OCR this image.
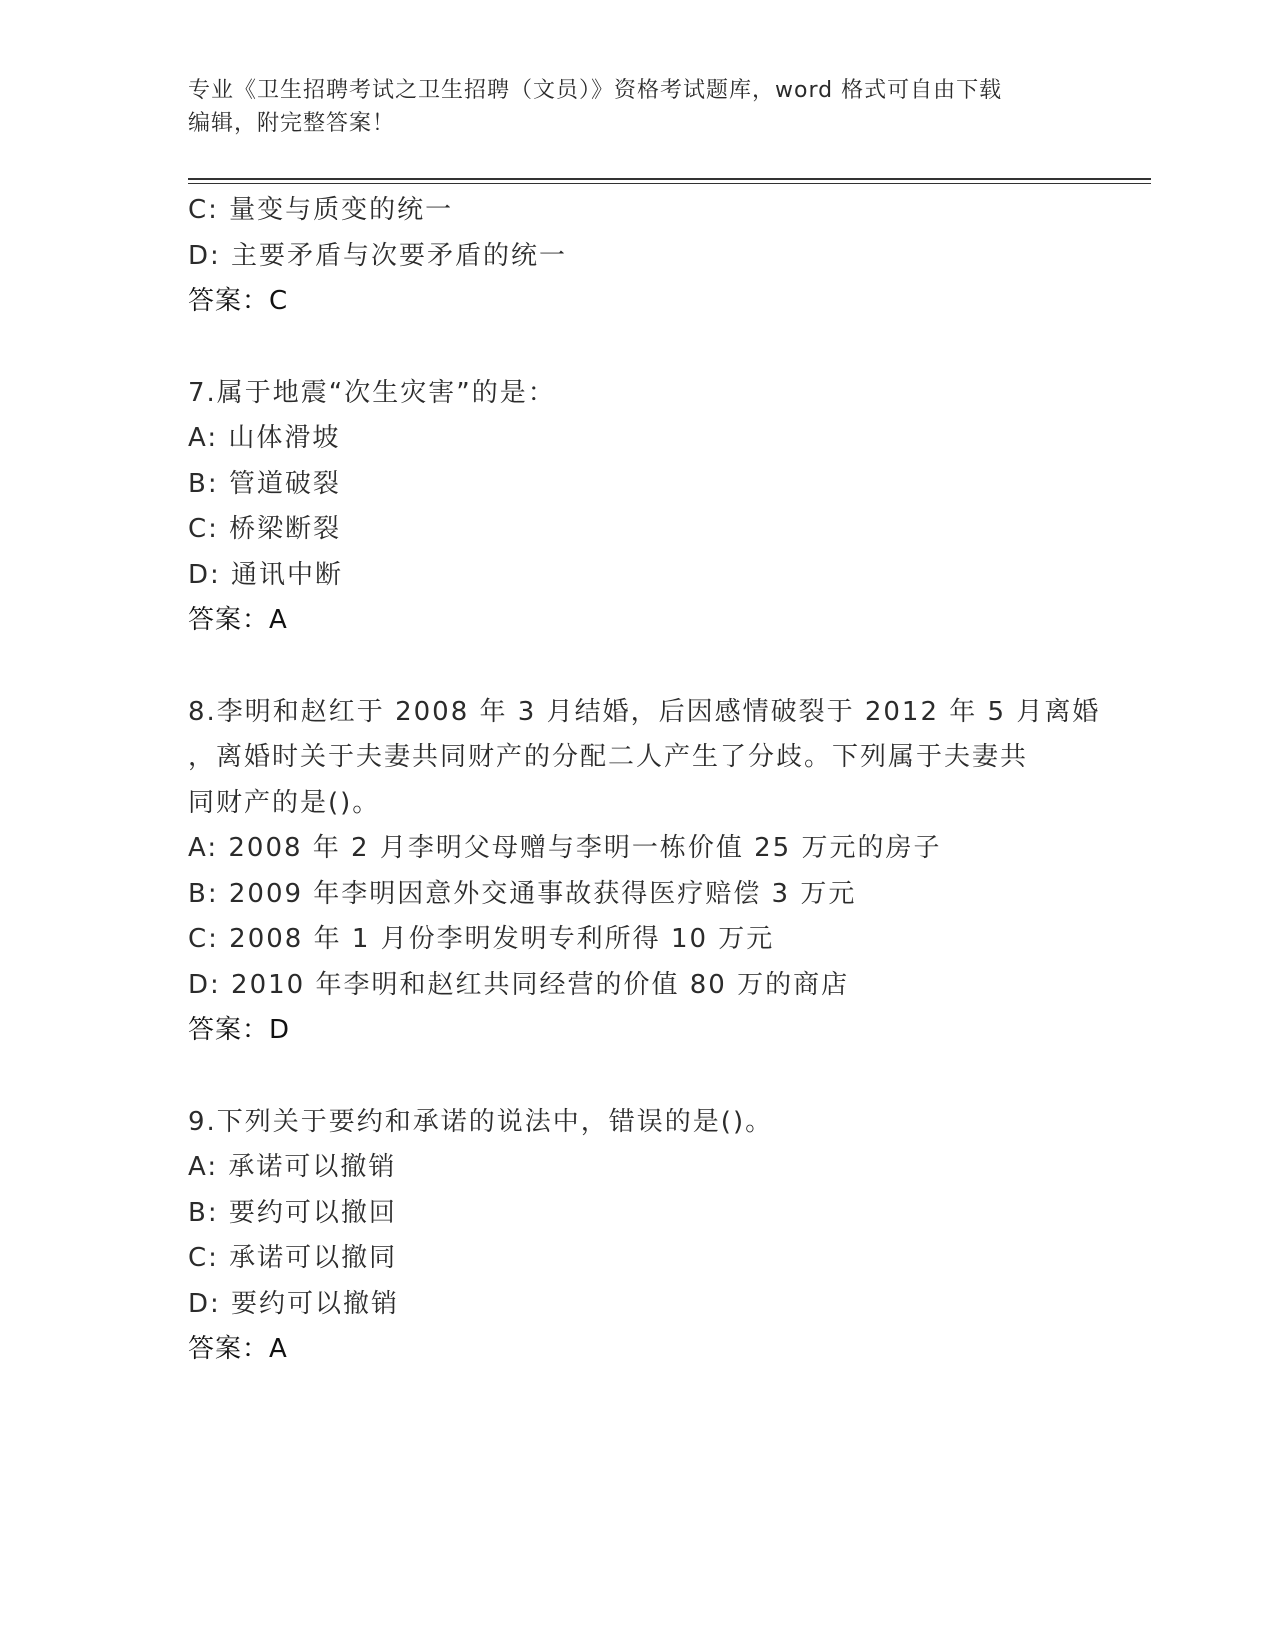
专业《卫生招聘考试之卫生招聘（文员）》资格考试题库，word 格式可自由下载
编辑，附完整答案！
C: 量变与质变的统一
D: 主要矛盾与次要矛盾的统一
答案：C
7.属于地震“次生灾害”的是：
A: 山体滑坡
B: 管道破裂
C: 桥梁断裂
D: 通讯中断
答案：A
8.李明和赵红于 2008 年 3 月结婚，后因感情破裂于 2012 年 5 月离婚
，离婚时关于夫妻共同财产的分配二人产生了分歧。下列属于夫妻共
同财产的是()。
A: 2008 年 2 月李明父母赠与李明一栋价值 25 万元的房子
B: 2009 年李明因意外交通事故获得医疗赔偿 3 万元
C: 2008 年 1 月份李明发明专利所得 10 万元
D: 2010 年李明和赵红共同经营的价值 80 万的商店
答案：D
9.下列关于要约和承诺的说法中，错误的是()。
A: 承诺可以撤销
B: 要约可以撤回
C: 承诺可以撤同
D: 要约可以撤销
答案：A
